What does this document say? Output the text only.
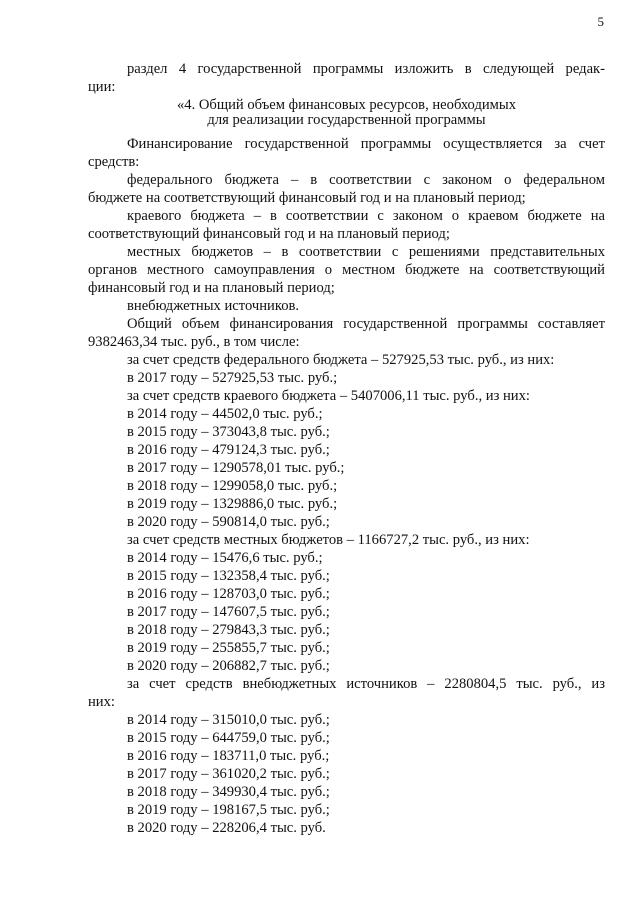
5
раздел 4 государственной программы изложить в следующей редак-
ции:
«4. Общий объем финансовых ресурсов, необходимых
для реализации государственной программы
Финансирование государственной программы осуществляется за счет
средств:
федерального бюджета – в соответствии с законом о федеральном
бюджете на соответствующий финансовый год и на плановый период;
краевого бюджета – в соответствии с законом о краевом бюджете на
соответствующий финансовый год и на плановый период;
местных бюджетов – в соответствии с решениями представительных
органов местного самоуправления о местном бюджете на соответствующий
финансовый год и на плановый период;
внебюджетных источников.
Общий объем финансирования государственной программы составляет
9382463,34 тыс. руб., в том числе:
за счет средств федерального бюджета – 527925,53 тыс. руб., из них:
в 2017 году – 527925,53 тыс. руб.;
за счет средств краевого бюджета – 5407006,11 тыс. руб., из них:
в 2014 году – 44502,0 тыс. руб.;
в 2015 году – 373043,8 тыс. руб.;
в 2016 году – 479124,3 тыс. руб.;
в 2017 году – 1290578,01 тыс. руб.;
в 2018 году – 1299058,0 тыс. руб.;
в 2019 году – 1329886,0 тыс. руб.;
в 2020 году – 590814,0 тыс. руб.;
за счет средств местных бюджетов – 1166727,2 тыс. руб., из них:
в 2014 году – 15476,6 тыс. руб.;
в 2015 году – 132358,4 тыс. руб.;
в 2016 году – 128703,0 тыс. руб.;
в 2017 году – 147607,5 тыс. руб.;
в 2018 году – 279843,3 тыс. руб.;
в 2019 году – 255855,7 тыс. руб.;
в 2020 году – 206882,7 тыс. руб.;
за счет средств внебюджетных источников – 2280804,5 тыс. руб., из
них:
в 2014 году – 315010,0 тыс. руб.;
в 2015 году – 644759,0 тыс. руб.;
в 2016 году – 183711,0 тыс. руб.;
в 2017 году – 361020,2 тыс. руб.;
в 2018 году – 349930,4 тыс. руб.;
в 2019 году – 198167,5 тыс. руб.;
в 2020 году – 228206,4 тыс. руб.
